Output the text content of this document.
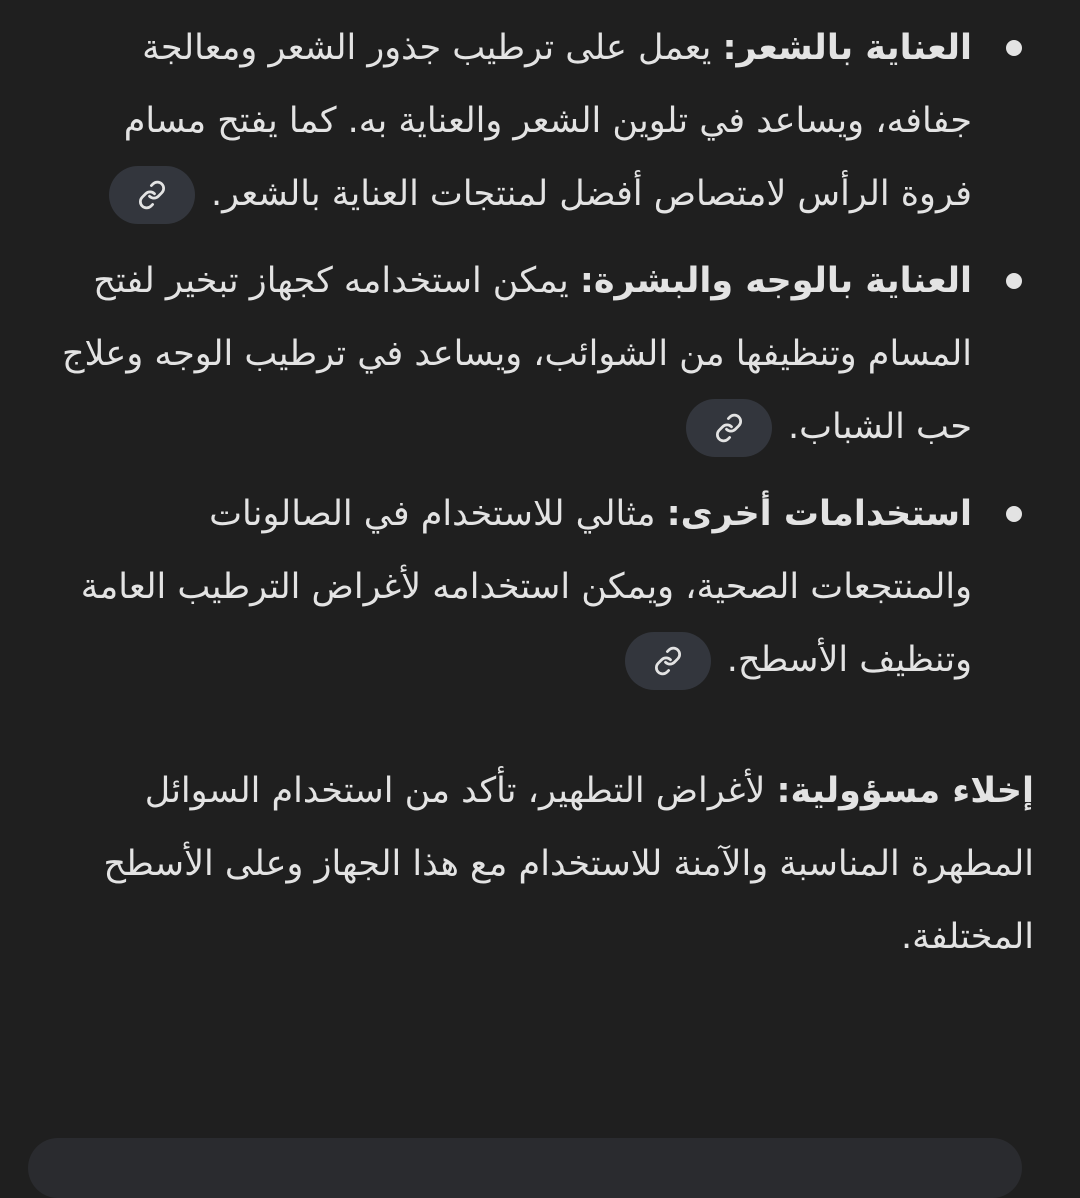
العناية بالشعر: يعمل على ترطيب جذور الشعر ومعالجة جفافه، ويساعد في تلوين الشعر والعناية به. كما يفتح مسام فروة الرأس لامتصاص أفضل لمنتجات العناية بالشعر.
العناية بالوجه والبشرة: يمكن استخدامه كجهاز تبخير لفتح المسام وتنظيفها من الشوائب، ويساعد في ترطيب الوجه وعلاج حب الشباب.
استخدامات أخرى: مثالي للاستخدام في الصالونات والمنتجعات الصحية، ويمكن استخدامه لأغراض الترطيب العامة وتنظيف الأسطح.

إخلاء مسؤولية: لأغراض التطهير، تأكد من استخدام السوائل المطهرة المناسبة والآمنة للاستخدام مع هذا الجهاز وعلى الأسطح المختلفة.
